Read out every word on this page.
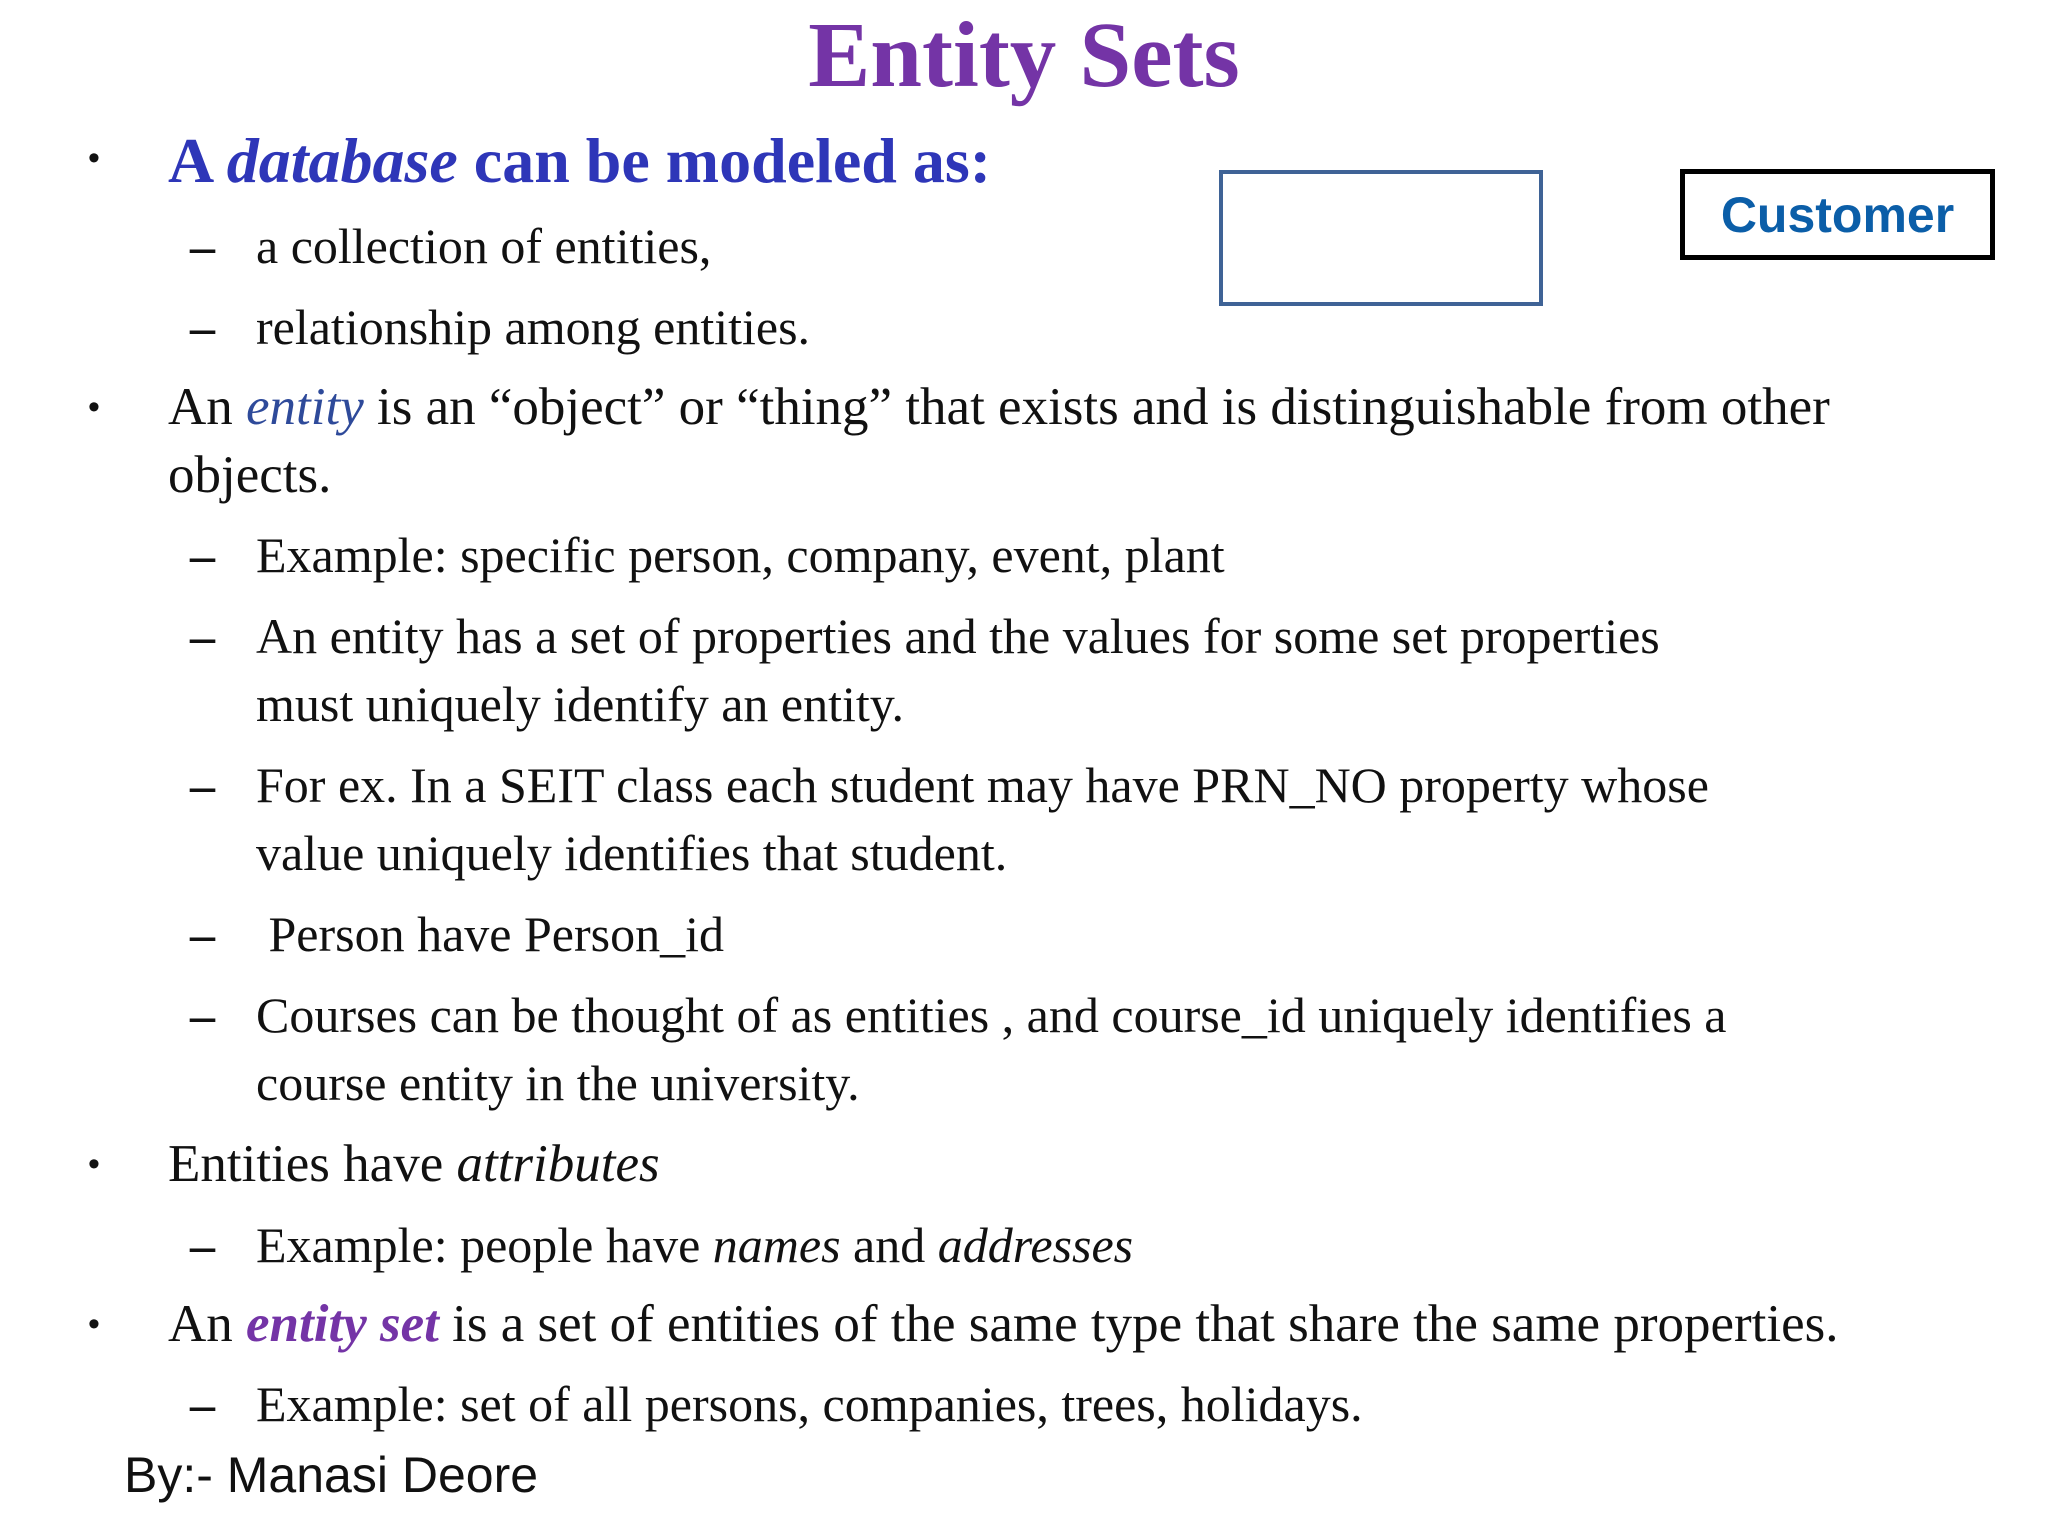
Entity Sets
Customer
• A database can be modeled as:
– a collection of entities,
– relationship among entities.
• An entity is an “object” or “thing” that exists and is distinguishable from other
objects.
– Example: specific person, company, event, plant
– An entity has a set of properties and the values for some set properties
must uniquely identify an entity.
– For ex. In a SEIT class each student may have PRN_NO property whose
value uniquely identifies that student.
– Person have Person_id
– Courses can be thought of as entities , and course_id uniquely identifies a
course entity in the university.
• Entities have attributes
– Example: people have names and addresses
• An entity set is a set of entities of the same type that share the same properties.
– Example: set of all persons, companies, trees, holidays.
By:- Manasi Deore
